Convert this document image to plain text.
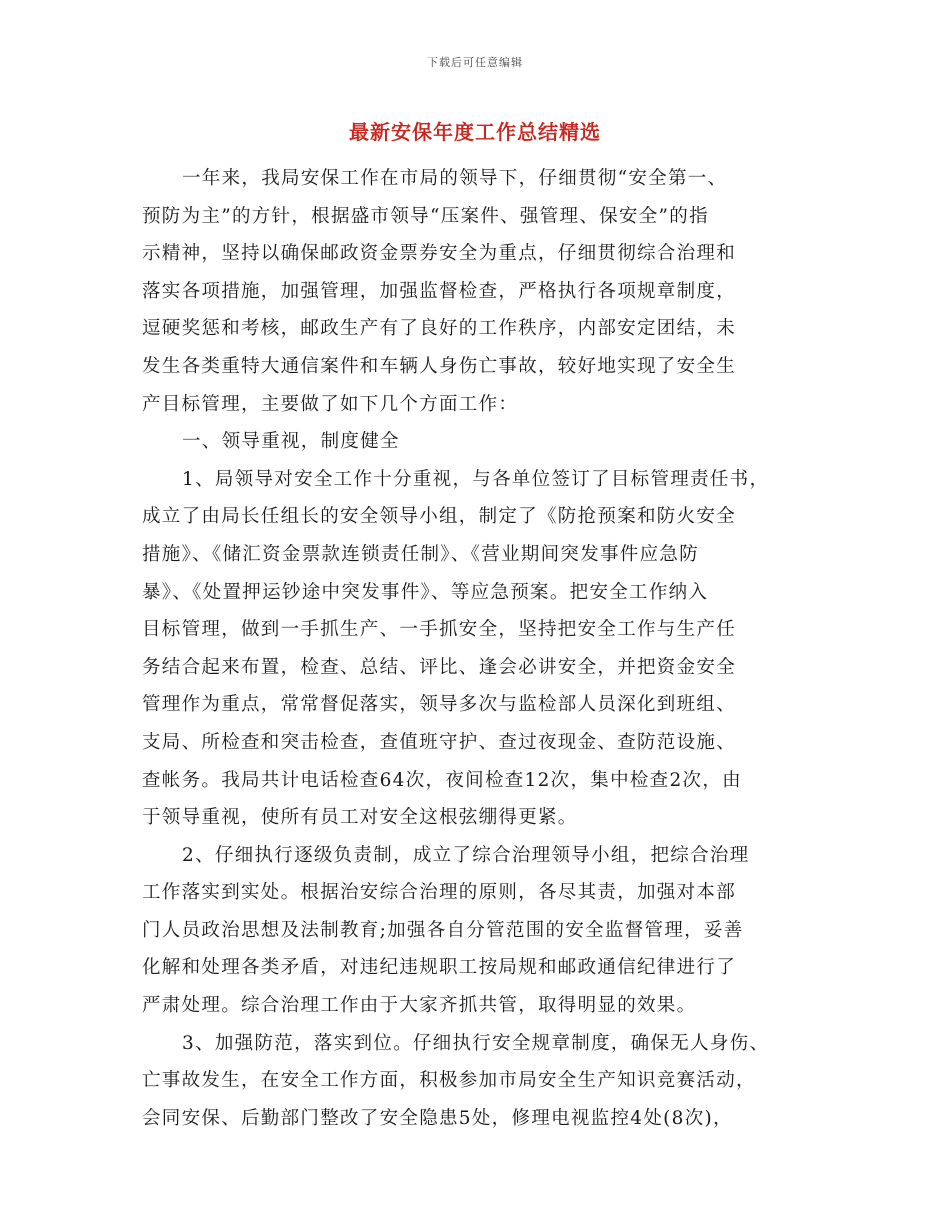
下载后可任意编辑
最新安保年度工作总结精选
一年来，我局安保工作在市局的领导下，仔细贯彻“安全第一、
预防为主”的方针，根据盛市领导“压案件、强管理、保安全”的指
示精神，坚持以确保邮政资金票券安全为重点，仔细贯彻综合治理和
落实各项措施，加强管理，加强监督检查，严格执行各项规章制度，
逗硬奖惩和考核，邮政生产有了良好的工作秩序，内部安定团结，未
发生各类重特大通信案件和车辆人身伤亡事故，较好地实现了安全生
产目标管理，主要做了如下几个方面工作：
一、领导重视，制度健全
1、局领导对安全工作十分重视，与各单位签订了目标管理责任书，
成立了由局长任组长的安全领导小组，制定了《防抢预案和防火安全
措施》、《储汇资金票款连锁责任制》、《营业期间突发事件应急防
暴》、《处置押运钞途中突发事件》、等应急预案。把安全工作纳入
目标管理，做到一手抓生产、一手抓安全，坚持把安全工作与生产任
务结合起来布置，检查、总结、评比、逢会必讲安全，并把资金安全
管理作为重点，常常督促落实，领导多次与监检部人员深化到班组、
支局、所检查和突击检查，查值班守护、查过夜现金、查防范设施、
查帐务。我局共计电话检查64次，夜间检查12次，集中检查2次，由
于领导重视，使所有员工对安全这根弦绷得更紧。
2、仔细执行逐级负责制，成立了综合治理领导小组，把综合治理
工作落实到实处。根据治安综合治理的原则，各尽其责，加强对本部
门人员政治思想及法制教育;加强各自分管范围的安全监督管理，妥善
化解和处理各类矛盾，对违纪违规职工按局规和邮政通信纪律进行了
严肃处理。综合治理工作由于大家齐抓共管，取得明显的效果。
3、加强防范，落实到位。仔细执行安全规章制度，确保无人身伤、
亡事故发生，在安全工作方面，积极参加市局安全生产知识竞赛活动，
会同安保、后勤部门整改了安全隐患5处，修理电视监控4处(8次)，
